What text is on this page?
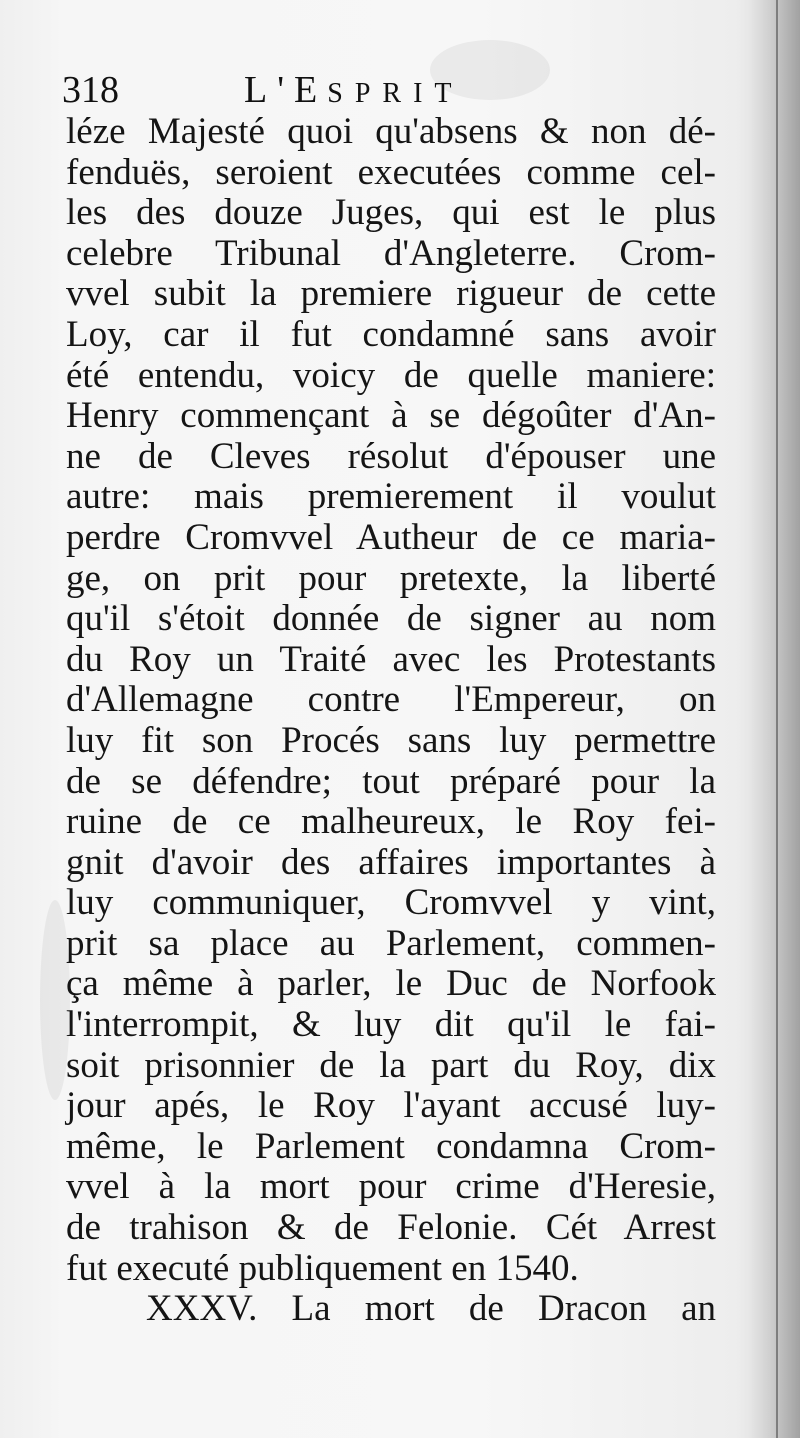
318	L'ESPRIT
léze Majesté quoi qu'absens & non dé-
fenduës, seroient executées comme cel-
les des douze Juges, qui est le plus
celebre Tribunal d'Angleterre. Crom-
vvel subit la premiere rigueur de cette
Loy, car il fut condamné sans avoir
été entendu, voicy de quelle maniere:
Henry commençant à se dégoûter d'An-
ne de Cleves résolut d'épouser une
autre: mais premierement il voulut
perdre Cromvvel Autheur de ce maria-
ge, on prit pour pretexte, la liberté
qu'il s'étoit donnée de signer au nom
du Roy un Traité avec les Protestants
d'Allemagne contre l'Empereur, on
luy fit son Procés sans luy permettre
de se défendre; tout préparé pour la
ruine de ce malheureux, le Roy fei-
gnit d'avoir des affaires importantes à
luy communiquer, Cromvvel y vint,
prit sa place au Parlement, commen-
ça même à parler, le Duc de Norfook
l'interrompit, & luy dit qu'il le fai-
soit prisonnier de la part du Roy, dix
jour apés, le Roy l'ayant accusé luy-
même, le Parlement condamna Crom-
vvel à la mort pour crime d'Heresie,
de trahison & de Felonie. Cét Arrest
fut executé publiquement en 1540.
XXXV. La mort de Dracon an
